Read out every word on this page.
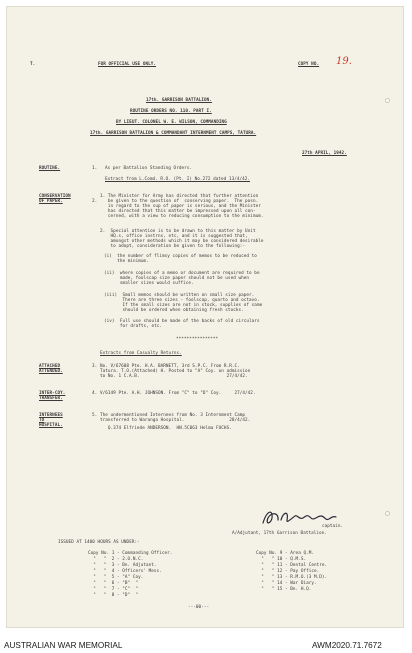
T.	FOR OFFICIAL USE ONLY.	COPY NO. 19.
17th. GARRISON BATTALION.
ROUTINE ORDERS NO. 110. PART I.
BY LIEUT. COLONEL W. E. WILSON, COMMANDING
17th. GARRISON BATTALION & COMMANDANT INTERNMENT CAMPS, TATURA.
27th APRIL, 1942.
ROUTINE.	1. As per Battalion Standing Orders.
Extract from L.Comd. R.O. (Pt. I) No.272 dated 13/4/42.
CONSERVATION
OF PAPER.	2.
1. The Minister for Army has directed that further attention
be given to the question of  conserving paper.  The posn.
in regard to the sup of paper is serious, and the Minister
has directed that this matter be impressed upon all con-
cerned, with a view to reducing consumption to the minimum.
2.  Special attention is to be drawn to this matter by Unit
HQ.s, office instrns, etc, and it is suggested that,
amongst other methods which it may be considered desirable
to adopt, consideration be given to the following:-
(i)  the number of flimsy copies of memos to be reduced to
the minimum.
(ii)  where copies of a memo or document are required to be
made, foolscap size paper should not be used when
smaller sizes would suffice.
(iii)  Small memos should be written on small size paper.
There are three sizes - foolscap, quarto and octavo.
If the small sizes are not in stock, supplies of same
should be ordered when obtaining fresh stocks.
(iv)  Full use should be made of the backs of old circulars
for drafts, etc.
****************
Extracts from Casualty Returns.
ATTACHED
ATTENDED.
3. No. V/67608 Pte. H.A. BARNETT, 3rd S.P.C. From R.R.C.
Tatura. T.O.(Attached) H. Posted to "A" Coy. on admission
to No. 1 C.A.B.                                 27/4/42.
INTER-COY.
TRANSFER.
4. V/6149 Pte. A.H. JOHNSON. From "C" to "D" Coy.     27/4/42.
INTERNEES
TO
HOSPITAL.
5. The undermentioned Internees from No. 3 Internment Camp
transferred to Waranga Hospital.                 28/4/42.
Q.374 Elfriede ANDERSON.  HN.5C063 Helma FUCHS.
captain.
A/Adjutant, 17th Garrison Battalion.
ISSUED AT 1400 HOURS AS UNDER:-
Copy No. 1 - Commanding Officer.
"   "  2 - 2.O.N.C.
"   "  3 - Bn. Adjutant.
"   "  4 - Officers' Mess.
"   "  5 - "A" Coy.
"   "  6 - "B"  "
"   "  7 - "C"  "
"   "  8 - "D"  "
Copy No. 9 - Area Q.M.
"   " 10 - Q.M.S.
"   " 11 - Dental Centre.
"   " 12 - Pay Office.
"   " 13 - R.M.O.(3 M.D).
"   " 14 - War Diary.
"   " 15 - Bn. H.Q.
---00---
AUSTRALIAN WAR MEMORIAL	AWM2020.71.7672
